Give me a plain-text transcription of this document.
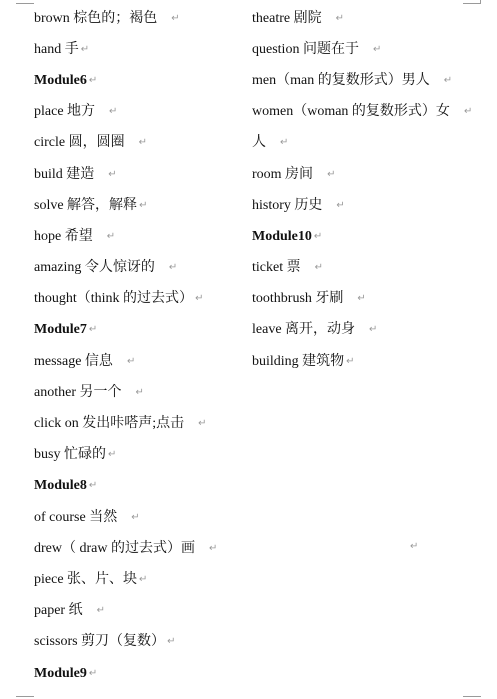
brown 棕色的；褐色 ↵
hand 手 ↵
Module6 ↵
place 地方 ↵
circle 圆，圆圈 ↵
build 建造 ↵
solve 解答，解释 ↵
hope 希望 ↵
amazing 令人惊讶的 ↵
thought（think 的过去式） ↵
Module7 ↵
message 信息 ↵
another 另一个 ↵
click on 发出咔嗒声;点击 ↵
busy 忙碌的 ↵
Module8 ↵
of course 当然 ↵
drew（ draw 的过去式）画 ↵
piece 张、片、块 ↵
paper 纸 ↵
scissors 剪刀（复数） ↵
Module9 ↵
theatre 剧院 ↵
question 问题在于 ↵
men（man 的复数形式）男人 ↵
women（woman 的复数形式）女 ↵
人 ↵
room 房间 ↵
history 历史 ↵
Module10 ↵
ticket 票 ↵
toothbrush 牙刷 ↵
leave 离开，动身 ↵
building 建筑物 ↵
↵
